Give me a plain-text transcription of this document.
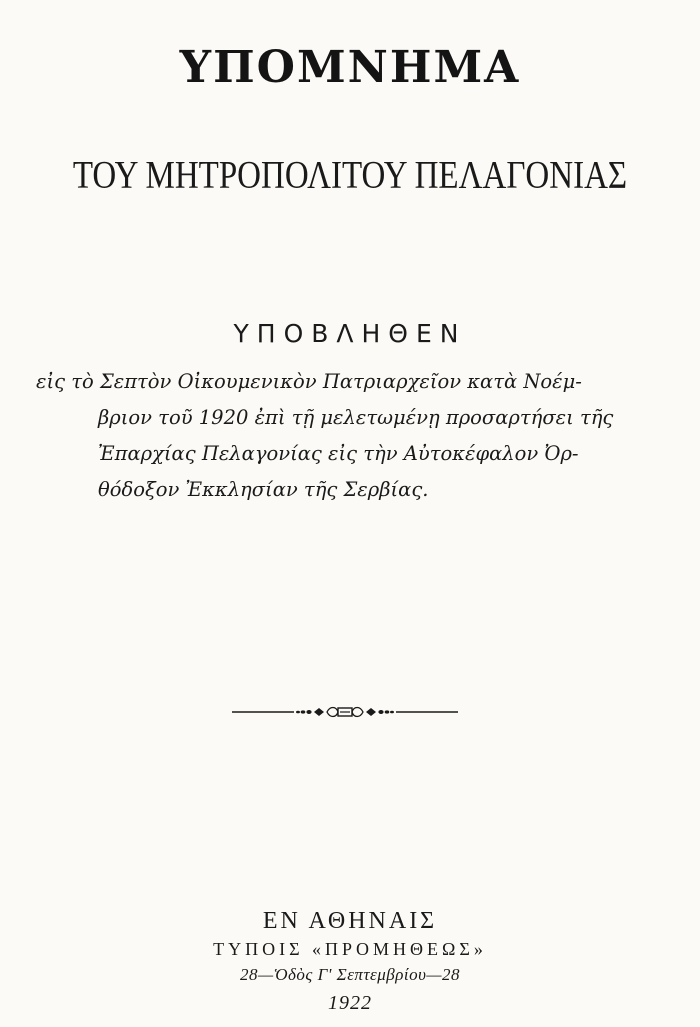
ΥΠΟΜΝΗΜΑ
ΤΟΥ ΜΗΤΡΟΠΟΛΙΤΟΥ ΠΕΛΑΓΟΝΙΑΣ
ΥΠΟΒΛΗΘΕΝ
εἰς τὸ Σεπτὸν Οἰκουμενικὸν Πατριαρχεῖον κατὰ Νοέμ-
βριον τοῦ 1920 ἐπὶ τῇ μελετωμένῃ προσαρτήσει τῆς
Ἐπαρχίας Πελαγονίας εἰς τὴν Αὐτοκέφαλον Ὀρ-
θόδοξον Ἐκκλησίαν τῆς Σερβίας.
ΕΝ ΑΘΗΝΑΙΣ
ΤΥΠΟΙΣ «ΠΡΟΜΗΘΕΩΣ»
28—Ὁδὸς Γ' Σεπτεμβρίου—28
1922
